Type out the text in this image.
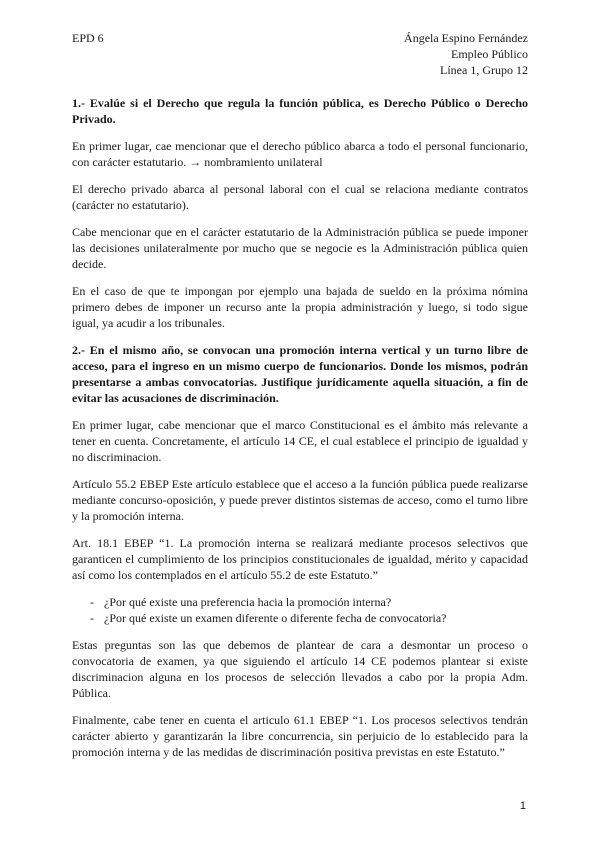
EPD 6	Ángela Espino Fernández
Empleo Público
Línea 1, Grupo 12

1.- Evalúe si el Derecho que regula la función pública, es Derecho Público o Derecho Privado.

En primer lugar, cae mencionar que el derecho público abarca a todo el personal funcionario, con carácter estatutario. → nombramiento unilateral

El derecho privado abarca al personal laboral con el cual se relaciona mediante contratos (carácter no estatutario).

Cabe mencionar que en el carácter estatutario de la Administración pública se puede imponer las decisiones unilateralmente por mucho que se negocie es la Administración pública quien decide.

En el caso de que te impongan por ejemplo una bajada de sueldo en la próxima nómina primero debes de imponer un recurso ante la propia administración y luego, si todo sigue igual, ya acudir a los tribunales.

2.- En el mismo año, se convocan una promoción interna vertical y un turno libre de acceso, para el ingreso en un mismo cuerpo de funcionarios. Donde los mismos, podrán presentarse a ambas convocatorias. Justifique jurídicamente aquella situación, a fin de evitar las acusaciones de discriminación.

En primer lugar, cabe mencionar que el marco Constitucional es el ámbito más relevante a tener en cuenta. Concretamente, el artículo 14 CE, el cual establece el principio de igualdad y no discriminacion.

Artículo 55.2 EBEP Este artículo establece que el acceso a la función pública puede realizarse mediante concurso-oposición, y puede prever distintos sistemas de acceso, como el turno libre y la promoción interna.

Art. 18.1 EBEP “1. La promoción interna se realizará mediante procesos selectivos que garanticen el cumplimiento de los principios constitucionales de igualdad, mérito y capacidad así como los contemplados en el artículo 55.2 de este Estatuto.”

- ¿Por qué existe una preferencia hacia la promoción interna?
- ¿Por qué existe un examen diferente o diferente fecha de convocatoria?

Estas preguntas son las que debemos de plantear de cara a desmontar un proceso o convocatoria de examen, ya que siguiendo el artículo 14 CE podemos plantear si existe discriminacion alguna en los procesos de selección llevados a cabo por la propia Adm. Pública.

Finalmente, cabe tener en cuenta el articulo 61.1 EBEP “1. Los procesos selectivos tendrán carácter abierto y garantizarán la libre concurrencia, sin perjuicio de lo establecido para la promoción interna y de las medidas de discriminación positiva previstas en este Estatuto.”

1
